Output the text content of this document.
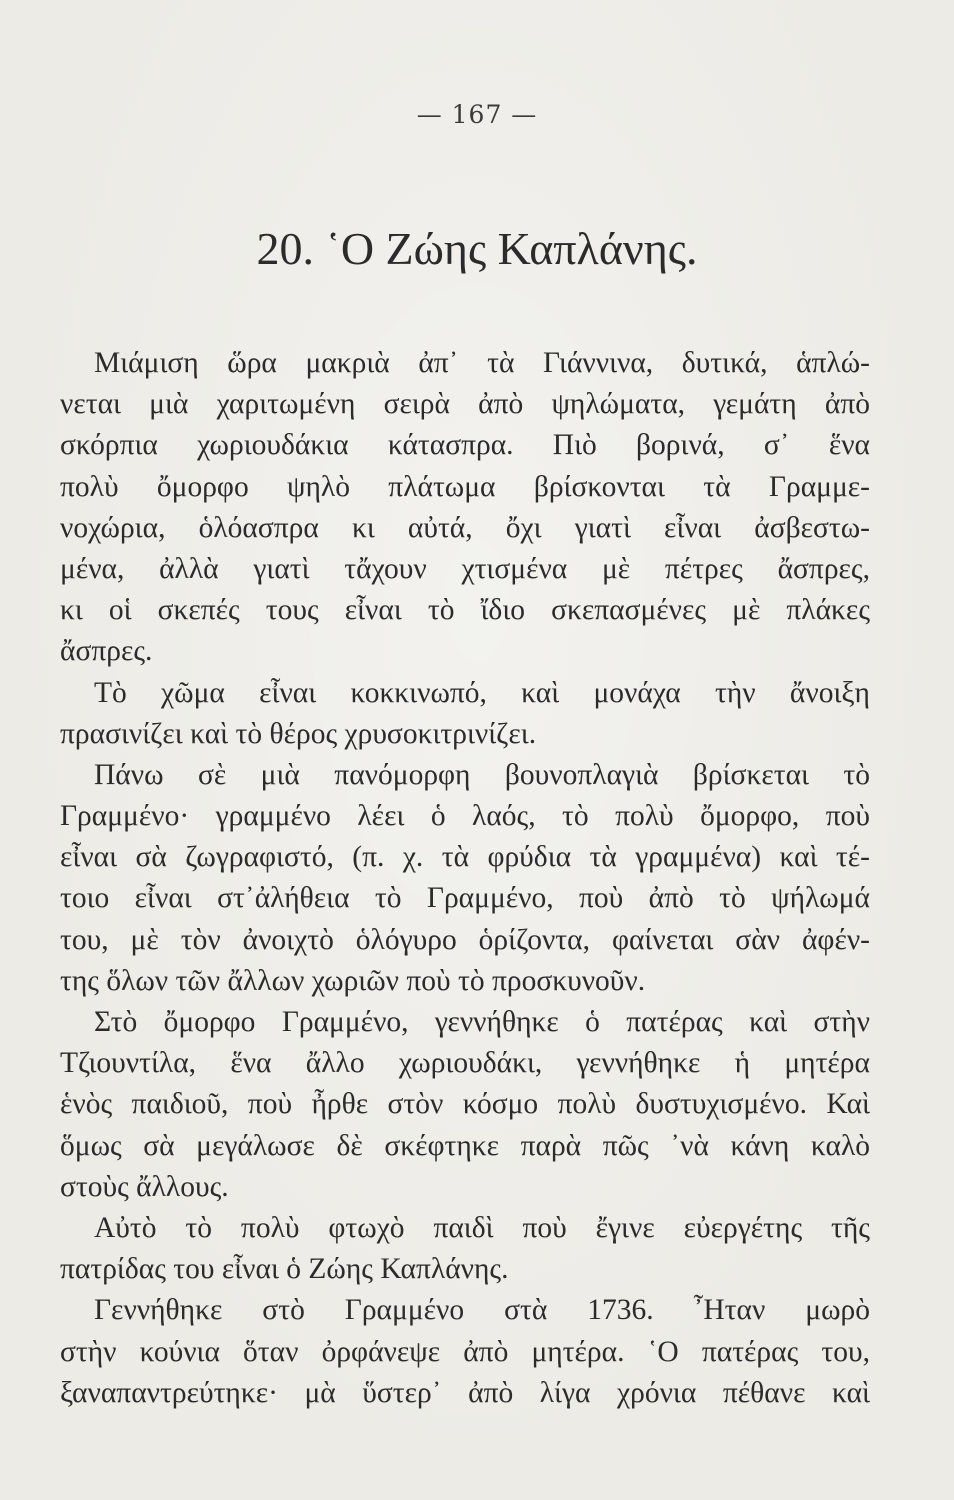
— 167 —
20. ῾Ο Ζώης Καπλάνης.
Μιάμιση ὥρα μακριὰ ἀπ᾽ τὰ Γιάννινα, δυτικά, ἁπλώ-
νεται μιὰ χαριτωμένη σειρὰ ἀπὸ ψηλώματα, γεμάτη ἀπὸ
σκόρπια χωριουδάκια κάτασπρα. Πιὸ βορινά, σ᾽ ἕνα
πολὺ ὄμορφο ψηλὸ πλάτωμα βρίσκονται τὰ Γραμμε-
νοχώρια, ὁλόασπρα κι αὐτά, ὄχι γιατὶ εἶναι ἀσβεστω-
μένα, ἀλλὰ γιατὶ τἄχουν χτισμένα μὲ πέτρες ἄσπρες,
κι οἱ σκεπές τους εἶναι τὸ ἴδιο σκεπασμένες μὲ πλάκες
ἄσπρες.
Τὸ χῶμα εἶναι κοκκινωπό, καὶ μονάχα τὴν ἄνοιξη
πρασινίζει καὶ τὸ θέρος χρυσοκιτρινίζει.
Πάνω σὲ μιὰ πανόμορφη βουνοπλαγιὰ βρίσκεται τὸ
Γραμμένο· γραμμένο λέει ὁ λαός, τὸ πολὺ ὄμορφο, ποὺ
εἶναι σὰ ζωγραφιστό, (π. χ. τὰ φρύδια τὰ γραμμένα) καὶ τέ-
τοιο εἶναι στ᾽ἀλήθεια τὸ Γραμμένο, ποὺ ἀπὸ τὸ ψήλωμά
του, μὲ τὸν ἀνοιχτὸ ὁλόγυρο ὁρίζοντα, φαίνεται σὰν ἀφέν-
της ὅλων τῶν ἄλλων χωριῶν ποὺ τὸ προσκυνοῦν.
Στὸ ὄμορφο Γραμμένο, γεννήθηκε ὁ πατέρας καὶ στὴν
Τζιουντίλα, ἕνα ἄλλο χωριουδάκι, γεννήθηκε ἡ μητέρα
ἑνὸς παιδιοῦ, ποὺ ἦρθε στὸν κόσμο πολὺ δυστυχισμένο. Καὶ
ὅμως σὰ μεγάλωσε δὲ σκέφτηκε παρὰ πῶς ᾽νὰ κάνη καλὸ
στοὺς ἄλλους.
Αὐτὸ τὸ πολὺ φτωχὸ παιδὶ ποὺ ἔγινε εὐεργέτης τῆς
πατρίδας του εἶναι ὁ Ζώης Καπλάνης.
Γεννήθηκε στὸ Γραμμένο στὰ 1736. ῏Ηταν μωρὸ
στὴν κούνια ὅταν ὀρφάνεψε ἀπὸ μητέρα. ῾Ο πατέρας του,
ξαναπαντρεύτηκε· μὰ ὕστερ᾽ ἀπὸ λίγα χρόνια πέθανε καὶ
